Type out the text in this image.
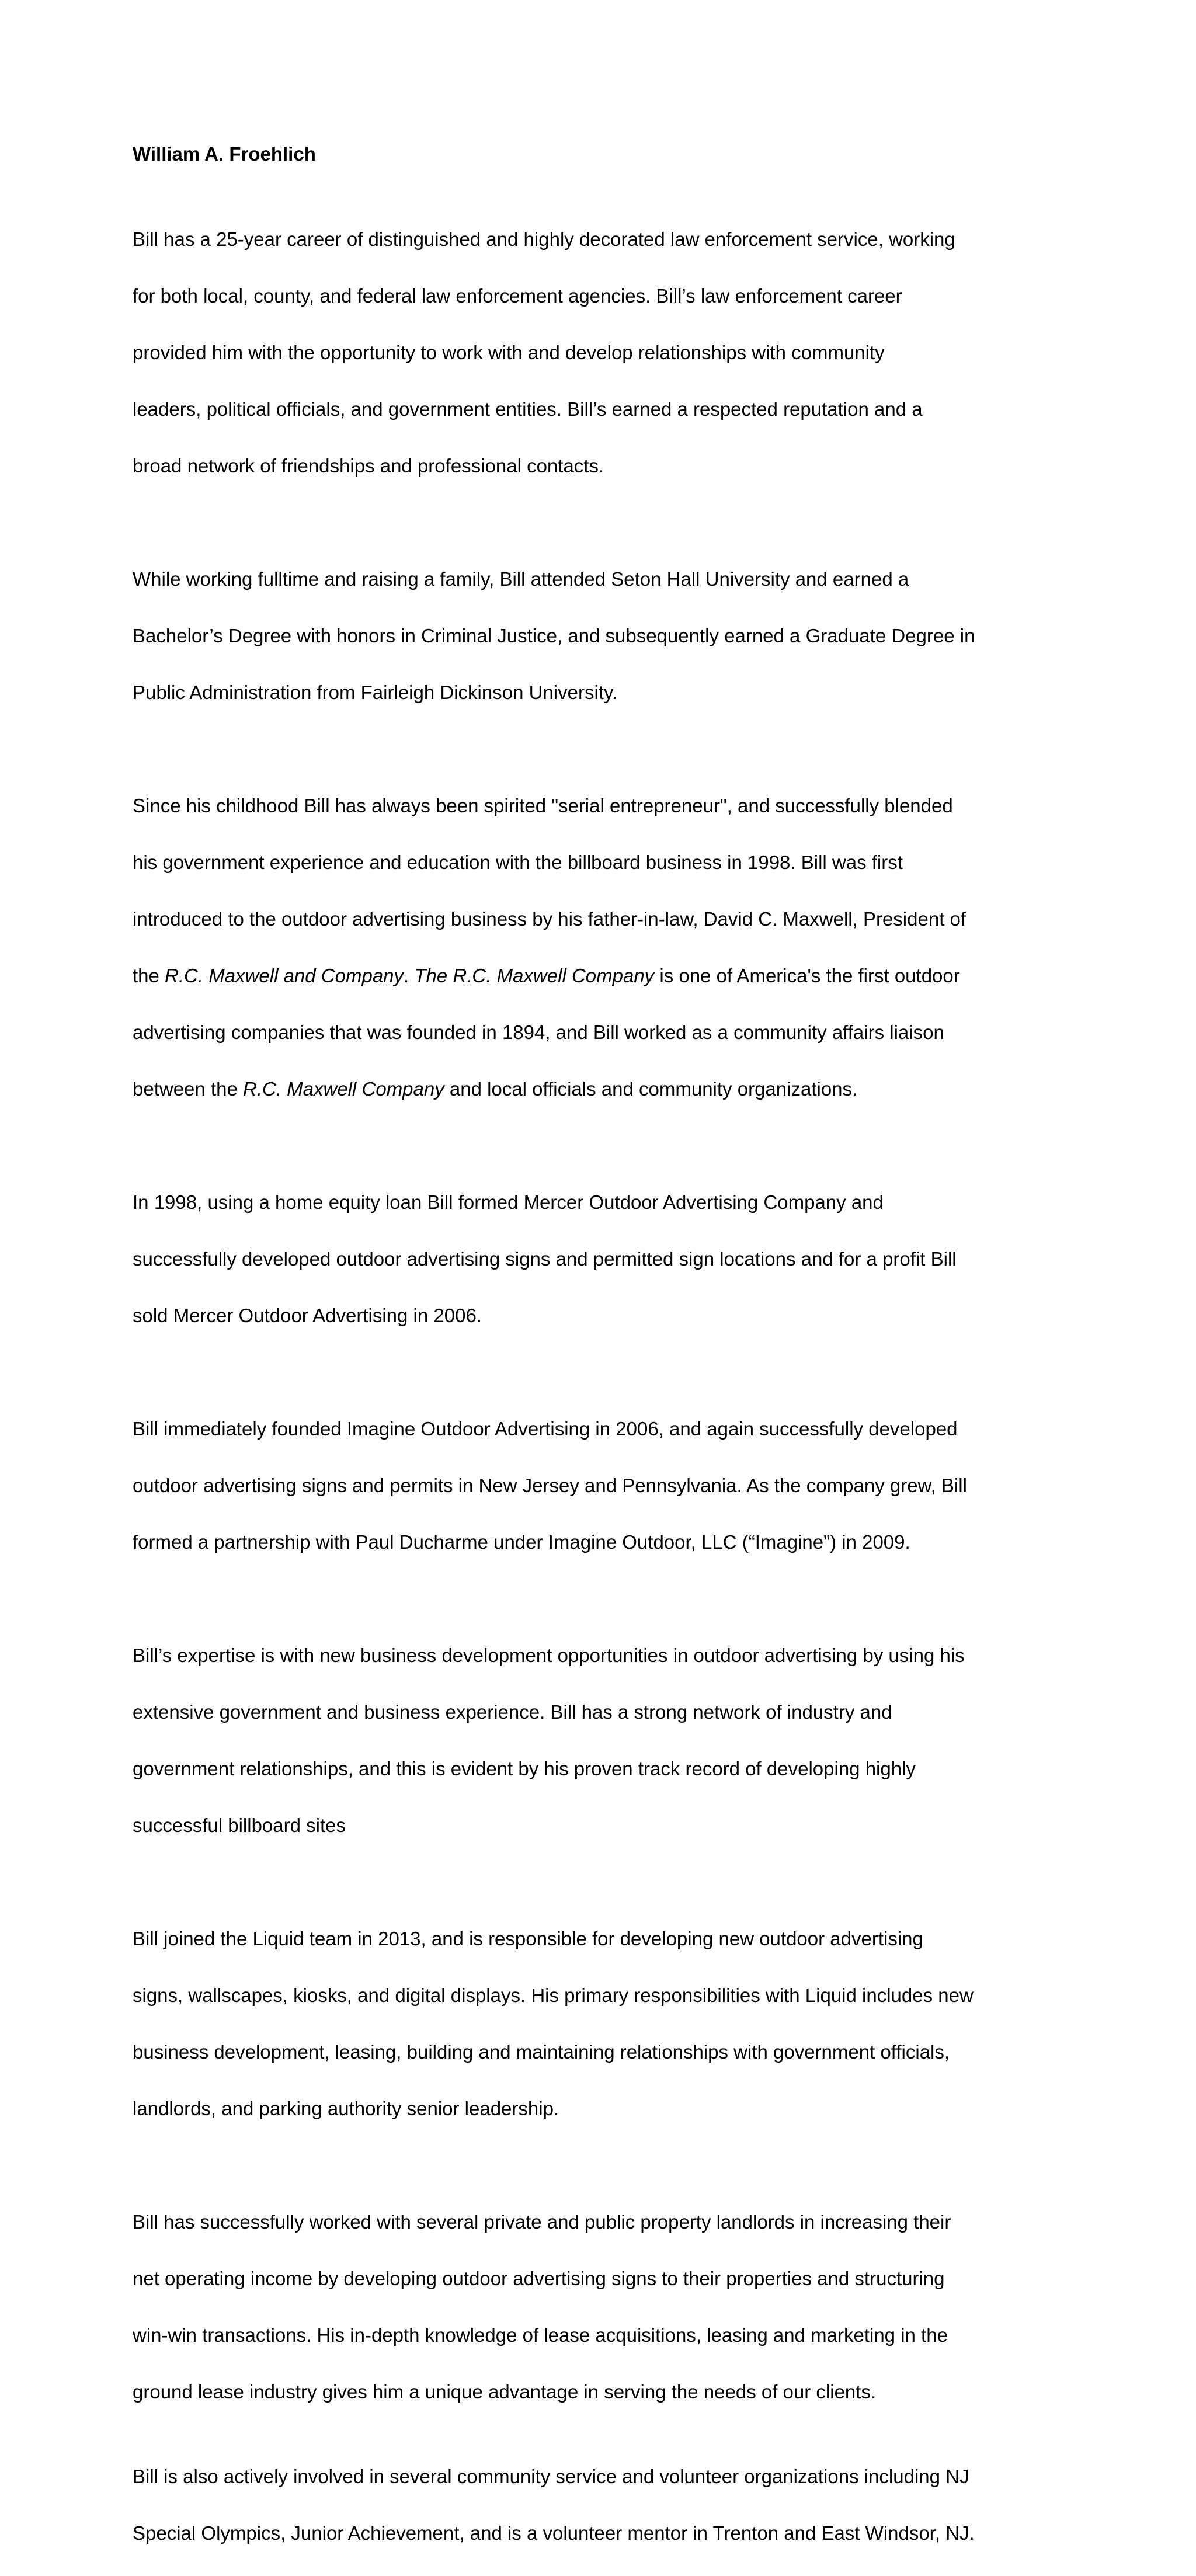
William A. Froehlich

Bill has a 25-year career of distinguished and highly decorated law enforcement service, working

for both local, county, and federal law enforcement agencies. Bill’s law enforcement career

provided him with the opportunity to work with and develop relationships with community

leaders, political officials, and government entities. Bill’s earned a respected reputation and a

broad network of friendships and professional contacts.

While working fulltime and raising a family, Bill attended Seton Hall University and earned a

Bachelor’s Degree with honors in Criminal Justice, and subsequently earned a Graduate Degree in

Public Administration from Fairleigh Dickinson University.

Since his childhood Bill has always been spirited "serial entrepreneur", and successfully blended

his government experience and education with the billboard business in 1998. Bill was first

introduced to the outdoor advertising business by his father-in-law, David C. Maxwell, President of

the R.C. Maxwell and Company. The R.C. Maxwell Company is one of America's the first outdoor

advertising companies that was founded in 1894, and Bill worked as a community affairs liaison

between the R.C. Maxwell Company and local officials and community organizations.

In 1998, using a home equity loan Bill formed Mercer Outdoor Advertising Company and

successfully developed outdoor advertising signs and permitted sign locations and for a profit Bill

sold Mercer Outdoor Advertising in 2006.

Bill immediately founded Imagine Outdoor Advertising in 2006, and again successfully developed

outdoor advertising signs and permits in New Jersey and Pennsylvania. As the company grew, Bill

formed a partnership with Paul Ducharme under Imagine Outdoor, LLC (“Imagine”) in 2009.

Bill’s expertise is with new business development opportunities in outdoor advertising by using his

extensive government and business experience. Bill has a strong network of industry and

government relationships, and this is evident by his proven track record of developing highly

successful billboard sites

Bill joined the Liquid team in 2013, and is responsible for developing new outdoor advertising

signs, wallscapes, kiosks, and digital displays. His primary responsibilities with Liquid includes new

business development, leasing, building and maintaining relationships with government officials,

landlords, and parking authority senior leadership.

Bill has successfully worked with several private and public property landlords in increasing their

net operating income by developing outdoor advertising signs to their properties and structuring

win-win transactions. His in-depth knowledge of lease acquisitions, leasing and marketing in the

ground lease industry gives him a unique advantage in serving the needs of our clients.

Bill is also actively involved in several community service and volunteer organizations including NJ

Special Olympics, Junior Achievement, and is a volunteer mentor in Trenton and East Windsor, NJ.
